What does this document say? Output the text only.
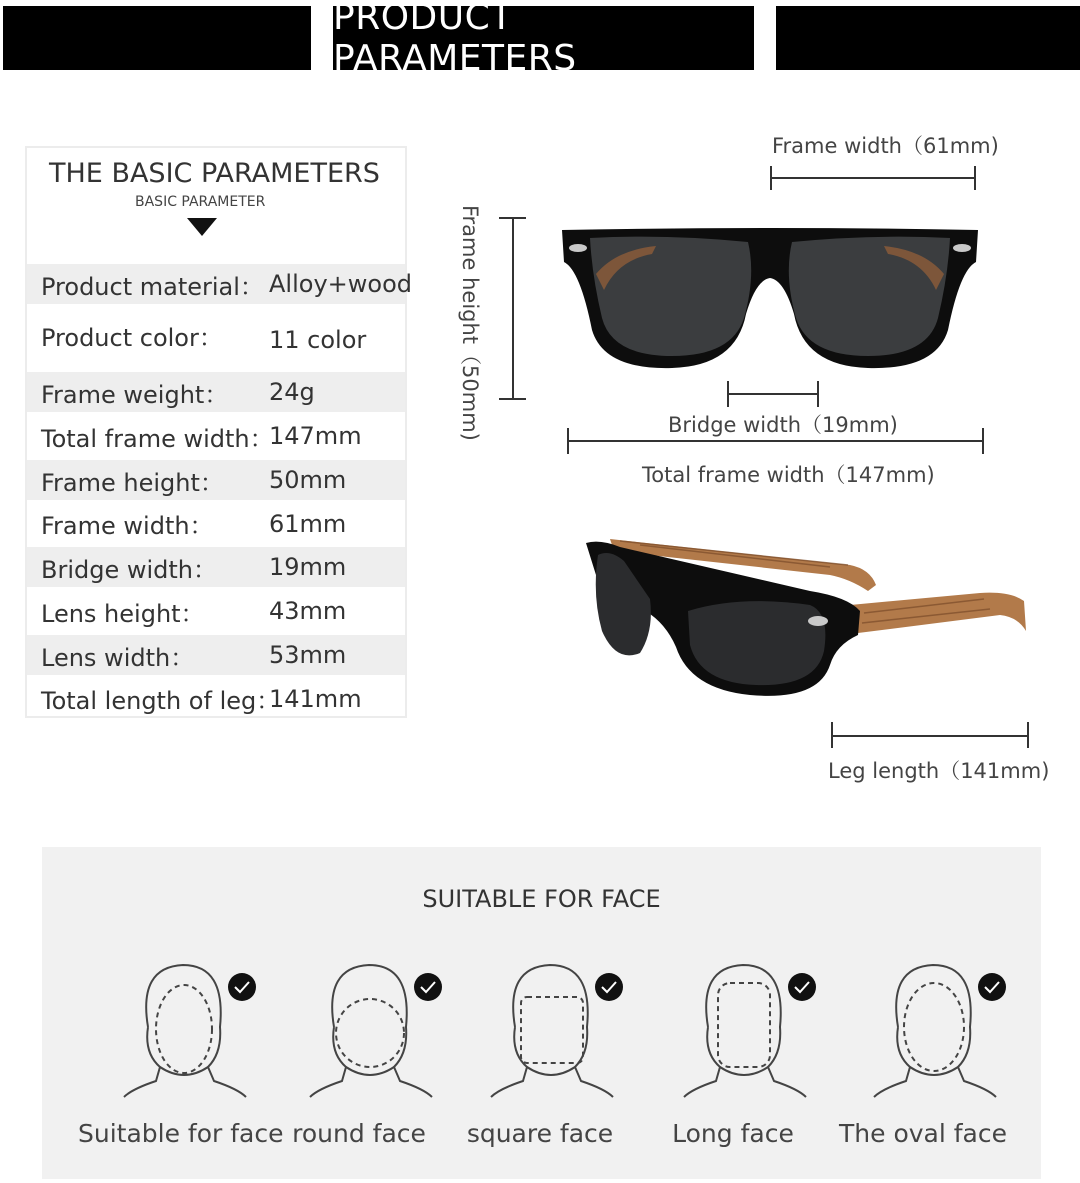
PRODUCT PARAMETERS
THE BASIC PARAMETERS
BASIC PARAMETER
Product material： Alloy+wood
Product color： 11 color
Frame weight： 24g
Total frame width：
147mm
Frame height： 50mm
Frame width： 61mm
Bridge width： 19mm
Lens height：	43mm
Lens width：	53mm
Total length of leg：
141mm
Frame width（61mm)
Frame height（50mm)	Bridge width（19mm)
Total frame width（147mm)
Leg length（141mm)
SUITABLE FOR FACE
Suitable for face round face	square face	Long face	The oval face
